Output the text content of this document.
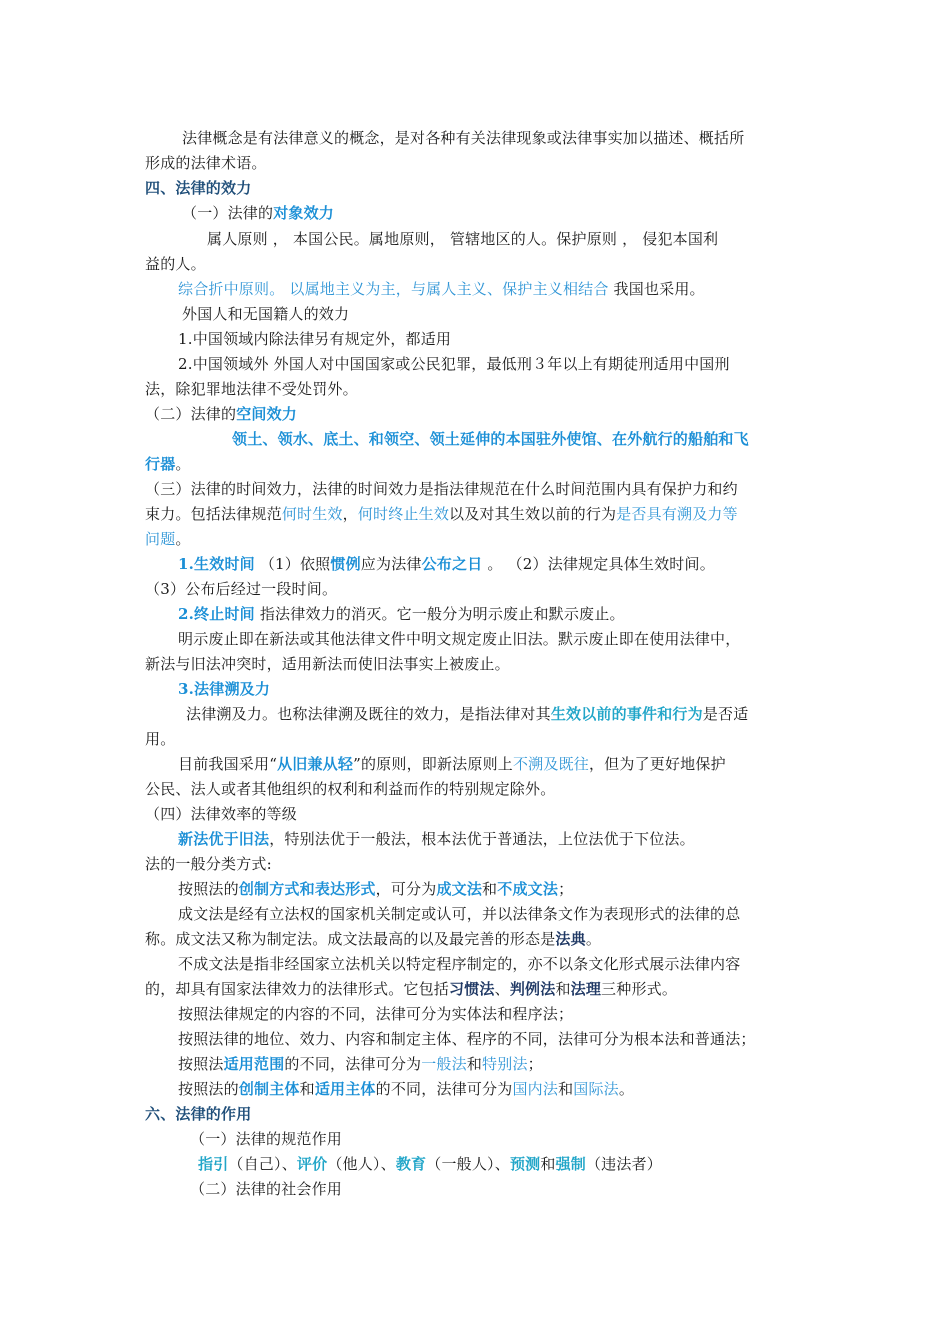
法律概念是有法律意义的概念，是对各种有关法律现象或法律事实加以描述、概括所
形成的法律术语。
四、法律的效力
（一）法律的对象效力
属人原则 ， 本国公民。属地原则， 管辖地区的人。保护原则 ， 侵犯本国利
益的人。
综合折中原则。 以属地主义为主，与属人主义、保护主义相结合 我国也采用。
外国人和无国籍人的效力
1.中国领域内除法律另有规定外，都适用
2.中国领域外 外国人对中国国家或公民犯罪，最低刑３年以上有期徒刑适用中国刑
法，除犯罪地法律不受处罚外。
（二）法律的空间效力
领土、领水、底土、和领空、领土延伸的本国驻外使馆、在外航行的船舶和飞
行器。
（三）法律的时间效力，法律的时间效力是指法律规范在什么时间范围内具有保护力和约
束力。包括法律规范何时生效，何时终止生效以及对其生效以前的行为是否具有溯及力等
问题。
1.生效时间 （1）依照惯例应为法律公布之日 。 （2）法律规定具体生效时间。
（3）公布后经过一段时间。
2.终止时间 指法律效力的消灭。它一般分为明示废止和默示废止。
明示废止即在新法或其他法律文件中明文规定废止旧法。默示废止即在使用法律中，
新法与旧法冲突时，适用新法而使旧法事实上被废止。
3.法律溯及力
法律溯及力。也称法律溯及既往的效力，是指法律对其生效以前的事件和行为是否适
用。
目前我国采用“从旧兼从轻”的原则，即新法原则上不溯及既往，但为了更好地保护
公民、法人或者其他组织的权利和利益而作的特别规定除外。
（四）法律效率的等级
新法优于旧法，特别法优于一般法，根本法优于普通法，上位法优于下位法。
法的一般分类方式:
按照法的创制方式和表达形式，可分为成文法和不成文法；
成文法是经有立法权的国家机关制定或认可，并以法律条文作为表现形式的法律的总
称。成文法又称为制定法。成文法最高的以及最完善的形态是法典。
不成文法是指非经国家立法机关以特定程序制定的，亦不以条文化形式展示法律内容
的，却具有国家法律效力的法律形式。它包括习惯法、判例法和法理三种形式。
按照法律规定的内容的不同，法律可分为实体法和程序法；
按照法律的地位、效力、内容和制定主体、程序的不同，法律可分为根本法和普通法；
按照法适用范围的不同，法律可分为一般法和特别法；
按照法的创制主体和适用主体的不同，法律可分为国内法和国际法。
六、法律的作用
（一）法律的规范作用
指引（自己）、评价（他人）、教育（一般人）、预测和强制（违法者）
（二）法律的社会作用
